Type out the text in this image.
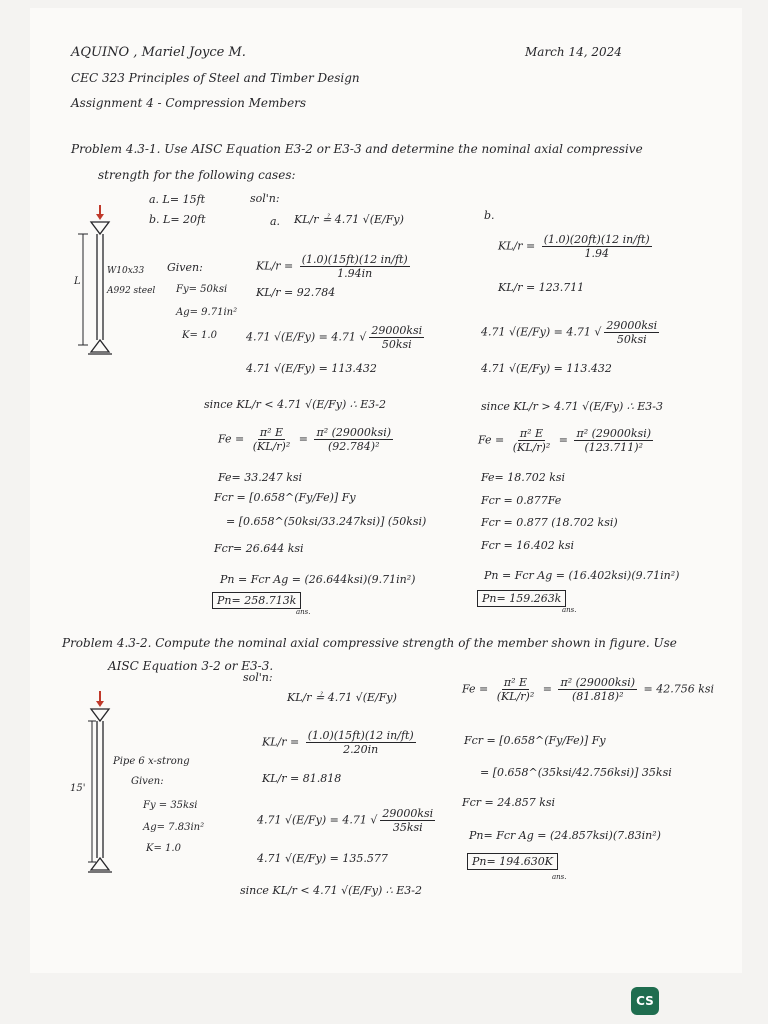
AQUINO , Mariel Joyce M.	March 14, 2024
CEC 323 Principles of Steel and Timber Design
Assignment 4 - Compression Members
Problem 4.3-1. Use AISC Equation E3-2 or E3-3 and determine the nominal axial compressive
strength for the following cases:
a. L= 15ft
b. L= 20ft
sol'n:
L
W10x33
A992 steel
Given:
Fy= 50ksi
Ag= 9.71in²
K= 1.0
a. KL/r ≟ 4.71 √(E/Fy)
$KL/r = \frac{(1.0)(15ft)(12 in/ft)}{1.94in}$
KL/r = 92.784
4.71 √(E/Fy) = 4.71 √ $\frac{\text{29000ksi}}{\text{50ksi}}$
4.71 √(E/Fy) = 113.432
since KL/r < 4.71 √(E/Fy) ∴ E3-2
$Fe = \frac{\text{π² E}}{\text{(KL/r)²}} = \frac{\text{π² (29000ksi)}}{\text{(92.784)²}}$
Fe= 33.247 ksi
Fcr = [0.658^(Fy/Fe)] Fy
= [0.658^(50ksi/33.247ksi)] (50ksi)
Fcr= 26.644 ksi
Pn = Fcr Ag = (26.644ksi)(9.71in²)
Pn= 258.713k
ans.
b.
$KL/r = \frac{(1.0)(20ft)(12 in/ft)}{1.94}$
KL/r = 123.711
4.71 √(E/Fy) = 4.71 √ $\frac{\text{29000ksi}}{\text{50ksi}}$
4.71 √(E/Fy) = 113.432
since KL/r > 4.71 √(E/Fy) ∴ E3-3
$Fe = \frac{\text{π² E}}{\text{(KL/r)²}} = \frac{\text{π² (29000ksi)}}{\text{(123.711)²}}$
Fe= 18.702 ksi
Fcr = 0.877Fe
Fcr = 0.877 (18.702 ksi)
Fcr = 16.402 ksi
Pn = Fcr Ag = (16.402ksi)(9.71in²)
Pn= 159.263k
ans.
Problem 4.3-2. Compute the nominal axial compressive strength of the member shown in figure. Use
AISC Equation 3-2 or E3-3.
sol'n:
15'
Pipe 6 x-strong
Given:
Fy = 35ksi
Ag= 7.83in²
K= 1.0
KL/r ≟ 4.71 √(E/Fy)
$KL/r = \frac{(1.0)(15ft)(12 in/ft)}{2.20in}$
KL/r = 81.818
4.71 √(E/Fy) = 4.71 √ $\frac{\text{29000ksi}}{\text{35ksi}}$
4.71 √(E/Fy) = 135.577
since KL/r < 4.71 √(E/Fy) ∴ E3-2
$Fe = \frac{\text{π² E}}{\text{(KL/r)²}} = \frac{\text{π² (29000ksi)}}{\text{(81.818)²}} = 42.756$ ksi
Fcr = [0.658^(Fy/Fe)] Fy
= [0.658^(35ksi/42.756ksi)] 35ksi
Fcr = 24.857 ksi
Pn= Fcr Ag = (24.857ksi)(7.83in²)
Pn= 194.630K
ans.
CS
